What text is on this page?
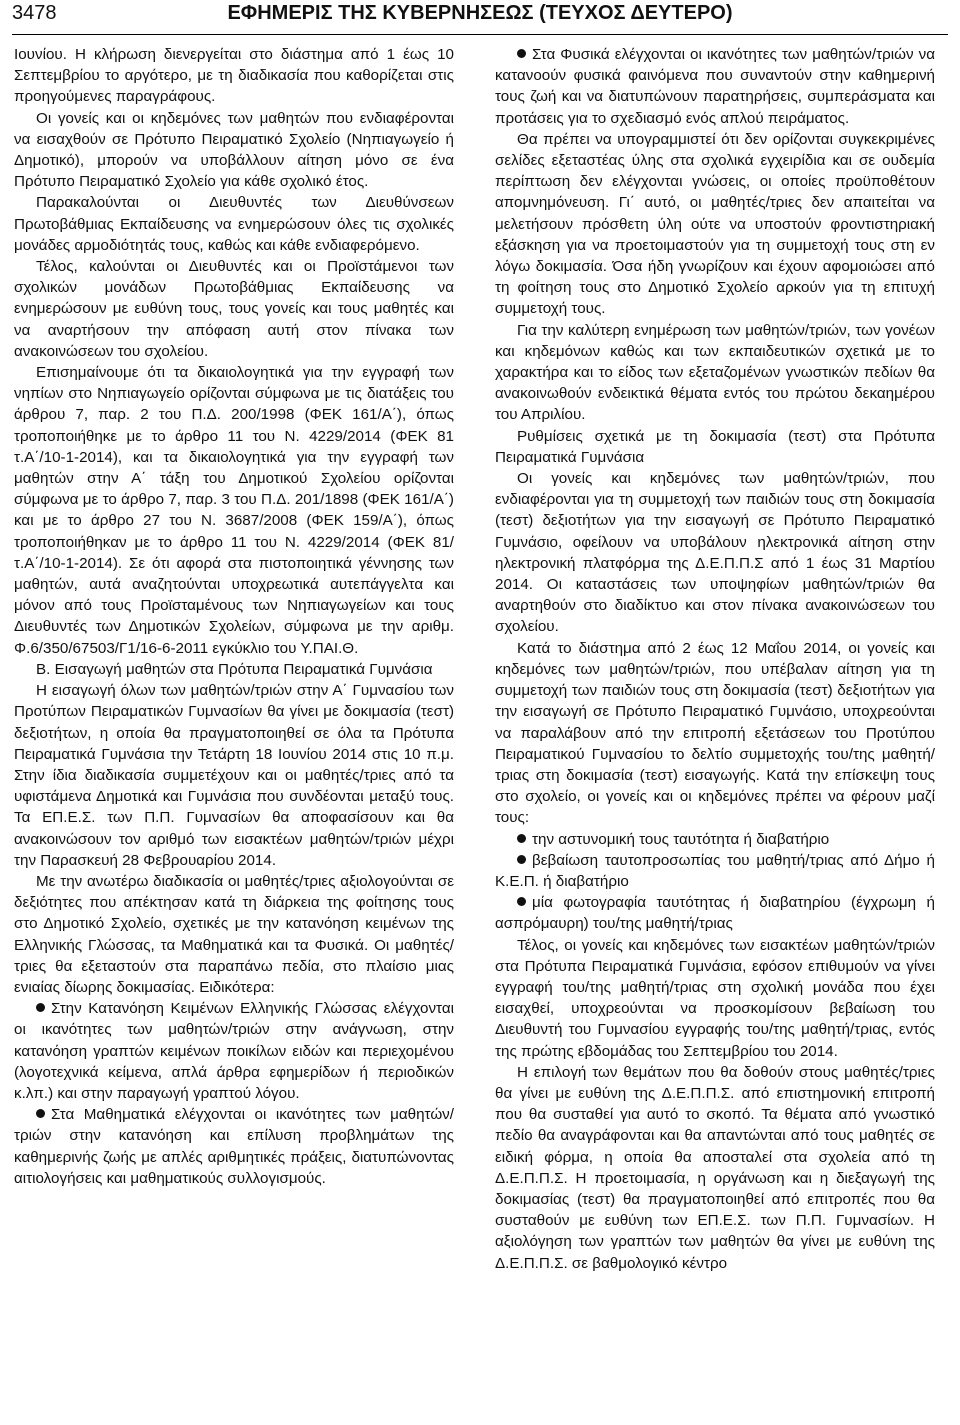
3478	ΕΦΗΜΕΡΙΣ ΤΗΣ ΚΥΒΕΡΝΗΣΕΩΣ (ΤΕΥΧΟΣ ΔΕΥΤΕΡΟ)

Ιουνίου. Η κλήρωση διενεργείται στο διάστημα από 1 έως 10 Σεπτεμβρίου το αργότερο, με τη διαδικασία που καθορίζεται στις προηγούμενες παραγράφους.

Οι γονείς και οι κηδεμόνες των μαθητών που ενδιαφέρονται να εισαχθούν σε Πρότυπο Πειραματικό Σχολείο (Νηπιαγωγείο ή Δημοτικό), μπορούν να υποβάλλουν αίτηση μόνο σε ένα Πρότυπο Πειραματικό Σχολείο για κάθε σχολικό έτος.

Παρακαλούνται οι Διευθυντές των Διευθύνσεων Πρωτοβάθμιας Εκπαίδευσης να ενημερώσουν όλες τις σχολικές μονάδες αρμοδιότητάς τους, καθώς και κάθε ενδιαφερόμενο.

Τέλος, καλούνται οι Διευθυντές και οι Προϊστάμενοι των σχολικών μονάδων Πρωτοβάθμιας Εκπαίδευσης να ενημερώσουν με ευθύνη τους, τους γονείς και τους μαθητές και να αναρτήσουν την απόφαση αυτή στον πίνακα των ανακοινώσεων του σχολείου.

Επισημαίνουμε ότι τα δικαιολογητικά για την εγγραφή των νηπίων στο Νηπιαγωγείο ορίζονται σύμφωνα με τις διατάξεις του άρθρου 7, παρ. 2 του Π.Δ. 200/1998 (ΦΕΚ 161/Α΄), όπως τροποποιήθηκε με το άρθρο 11 του Ν. 4229/2014 (ΦΕΚ 81 τ.Α΄/10-1-2014), και τα δικαιολογητικά για την εγγραφή των μαθητών στην Α΄ τάξη του Δημοτικού Σχολείου ορίζονται σύμφωνα με το άρθρο 7, παρ. 3 του Π.Δ. 201/1898 (ΦΕΚ 161/Α΄) και με το άρθρο 27 του Ν. 3687/2008 (ΦΕΚ 159/Α΄), όπως τροποποιήθηκαν με το άρθρο 11 του Ν. 4229/2014 (ΦΕΚ 81/τ.Α΄/10-1-2014). Σε ότι αφορά στα πιστοποιητικά γέννησης των μαθητών, αυτά αναζητούνται υποχρεωτικά αυτεπάγγελτα και μόνον από τους Προϊσταμένους των Νηπιαγωγείων και τους Διευθυντές των Δημοτικών Σχολείων, σύμφωνα με την αριθμ. Φ.6/350/67503/Γ1/16-6-2011 εγκύκλιο του Υ.ΠΑΙ.Θ.

Β. Εισαγωγή μαθητών στα Πρότυπα Πειραματικά Γυμνάσια

Η εισαγωγή όλων των μαθητών/τριών στην Α΄ Γυμνασίου των Προτύπων Πειραματικών Γυμνασίων θα γίνει με δοκιμασία (τεστ) δεξιοτήτων, η οποία θα πραγματοποιηθεί σε όλα τα Πρότυπα Πειραματικά Γυμνάσια την Τετάρτη 18 Ιουνίου 2014 στις 10 π.μ. Στην ίδια διαδικασία συμμετέχουν και οι μαθητές/τριες από τα υφιστάμενα Δημοτικά και Γυμνάσια που συνδέονται μεταξύ τους. Τα ΕΠ.Ε.Σ. των Π.Π. Γυμνασίων θα αποφασίσουν και θα ανακοινώσουν τον αριθμό των εισακτέων μαθητών/τριών μέχρι την Παρασκευή 28 Φεβρουαρίου 2014.

Με την ανωτέρω διαδικασία οι μαθητές/τριες αξιολογούνται σε δεξιότητες που απέκτησαν κατά τη διάρκεια της φοίτησης τους στο Δημοτικό Σχολείο, σχετικές με την κατανόηση κειμένων της Ελληνικής Γλώσσας, τα Μαθηματικά και τα Φυσικά. Οι μαθητές/τριες θα εξεταστούν στα παραπάνω πεδία, στο πλαίσιο μιας ενιαίας δίωρης δοκιμασίας. Ειδικότερα:

Στην Κατανόηση Κειμένων Ελληνικής Γλώσσας ελέγχονται οι ικανότητες των μαθητών/τριών στην ανάγνωση, στην κατανόηση γραπτών κειμένων ποικίλων ειδών και περιεχομένου (λογοτεχνικά κείμενα, απλά άρθρα εφημερίδων ή περιοδικών κ.λπ.) και στην παραγωγή γραπτού λόγου.

Στα Μαθηματικά ελέγχονται οι ικανότητες των μαθητών/τριών στην κατανόηση και επίλυση προβλημάτων της καθημερινής ζωής με απλές αριθμητικές πράξεις, διατυπώνοντας αιτιολογήσεις και μαθηματικούς συλλογισμούς.

Στα Φυσικά ελέγχονται οι ικανότητες των μαθητών/τριών να κατανοούν φυσικά φαινόμενα που συναντούν στην καθημερινή τους ζωή και να διατυπώνουν παρατηρήσεις, συμπεράσματα και προτάσεις για το σχεδιασμό ενός απλού πειράματος.

Θα πρέπει να υπογραμμιστεί ότι δεν ορίζονται συγκεκριμένες σελίδες εξεταστέας ύλης στα σχολικά εγχειρίδια και σε ουδεμία περίπτωση δεν ελέγχονται γνώσεις, οι οποίες προϋποθέτουν απομνημόνευση. Γι΄ αυτό, οι μαθητές/τριες δεν απαιτείται να μελετήσουν πρόσθετη ύλη ούτε να υποστούν φροντιστηριακή εξάσκηση για να προετοιμαστούν για τη συμμετοχή τους στη εν λόγω δοκιμασία. Όσα ήδη γνωρίζουν και έχουν αφομοιώσει από τη φοίτηση τους στο Δημοτικό Σχολείο αρκούν για τη επιτυχή συμμετοχή τους.

Για την καλύτερη ενημέρωση των μαθητών/τριών, των γονέων και κηδεμόνων καθώς και των εκπαιδευτικών σχετικά με το χαρακτήρα και το είδος των εξεταζομένων γνωστικών πεδίων θα ανακοινωθούν ενδεικτικά θέματα εντός του πρώτου δεκαημέρου του Απριλίου.

Ρυθμίσεις σχετικά με τη δοκιμασία (τεστ) στα Πρότυπα Πειραματικά Γυμνάσια

Οι γονείς και κηδεμόνες των μαθητών/τριών, που ενδιαφέρονται για τη συμμετοχή των παιδιών τους στη δοκιμασία (τεστ) δεξιοτήτων για την εισαγωγή σε Πρότυπο Πειραματικό Γυμνάσιο, οφείλουν να υποβάλουν ηλεκτρονικά αίτηση στην ηλεκτρονική πλατφόρμα της Δ.Ε.Π.Π.Σ από 1 έως 31 Μαρτίου 2014. Οι καταστάσεις των υποψηφίων μαθητών/τριών θα αναρτηθούν στο διαδίκτυο και στον πίνακα ανακοινώσεων του σχολείου.

Κατά το διάστημα από 2 έως 12 Μαΐου 2014, οι γονείς και κηδεμόνες των μαθητών/τριών, που υπέβαλαν αίτηση για τη συμμετοχή των παιδιών τους στη δοκιμασία (τεστ) δεξιοτήτων για την εισαγωγή σε Πρότυπο Πειραματικό Γυμνάσιο, υποχρεούνται να παραλάβουν από την επιτροπή εξετάσεων του Προτύπου Πειραματικού Γυμνασίου το δελτίο συμμετοχής του/της μαθητή/τριας στη δοκιμασία (τεστ) εισαγωγής. Κατά την επίσκεψη τους στο σχολείο, οι γονείς και οι κηδεμόνες πρέπει να φέρουν μαζί τους:

την αστυνομική τους ταυτότητα ή διαβατήριο

βεβαίωση ταυτοπροσωπίας του μαθητή/τριας από Δήμο ή Κ.Ε.Π. ή διαβατήριο

μία φωτογραφία ταυτότητας ή διαβατηρίου (έγχρωμη ή ασπρόμαυρη) του/της μαθητή/τριας

Τέλος, οι γονείς και κηδεμόνες των εισακτέων μαθητών/τριών στα Πρότυπα Πειραματικά Γυμνάσια, εφόσον επιθυμούν να γίνει εγγραφή του/της μαθητή/τριας στη σχολική μονάδα που έχει εισαχθεί, υποχρεούνται να προσκομίσουν βεβαίωση του Διευθυντή του Γυμνασίου εγγραφής του/της μαθητή/τριας, εντός της πρώτης εβδομάδας του Σεπτεμβρίου του 2014.

Η επιλογή των θεμάτων που θα δοθούν στους μαθητές/τριες θα γίνει με ευθύνη της Δ.Ε.Π.Π.Σ. από επιστημονική επιτροπή που θα συσταθεί για αυτό το σκοπό. Τα θέματα από γνωστικό πεδίο θα αναγράφονται και θα απαντώνται από τους μαθητές σε ειδική φόρμα, η οποία θα αποσταλεί στα σχολεία από τη Δ.Ε.Π.Π.Σ. Η προετοιμασία, η οργάνωση και η διεξαγωγή της δοκιμασίας (τεστ) θα πραγματοποιηθεί από επιτροπές που θα συσταθούν με ευθύνη των ΕΠ.Ε.Σ. των Π.Π. Γυμνασίων. Η αξιολόγηση των γραπτών των μαθητών θα γίνει με ευθύνη της Δ.Ε.Π.Π.Σ. σε βαθμολογικό κέντρο
